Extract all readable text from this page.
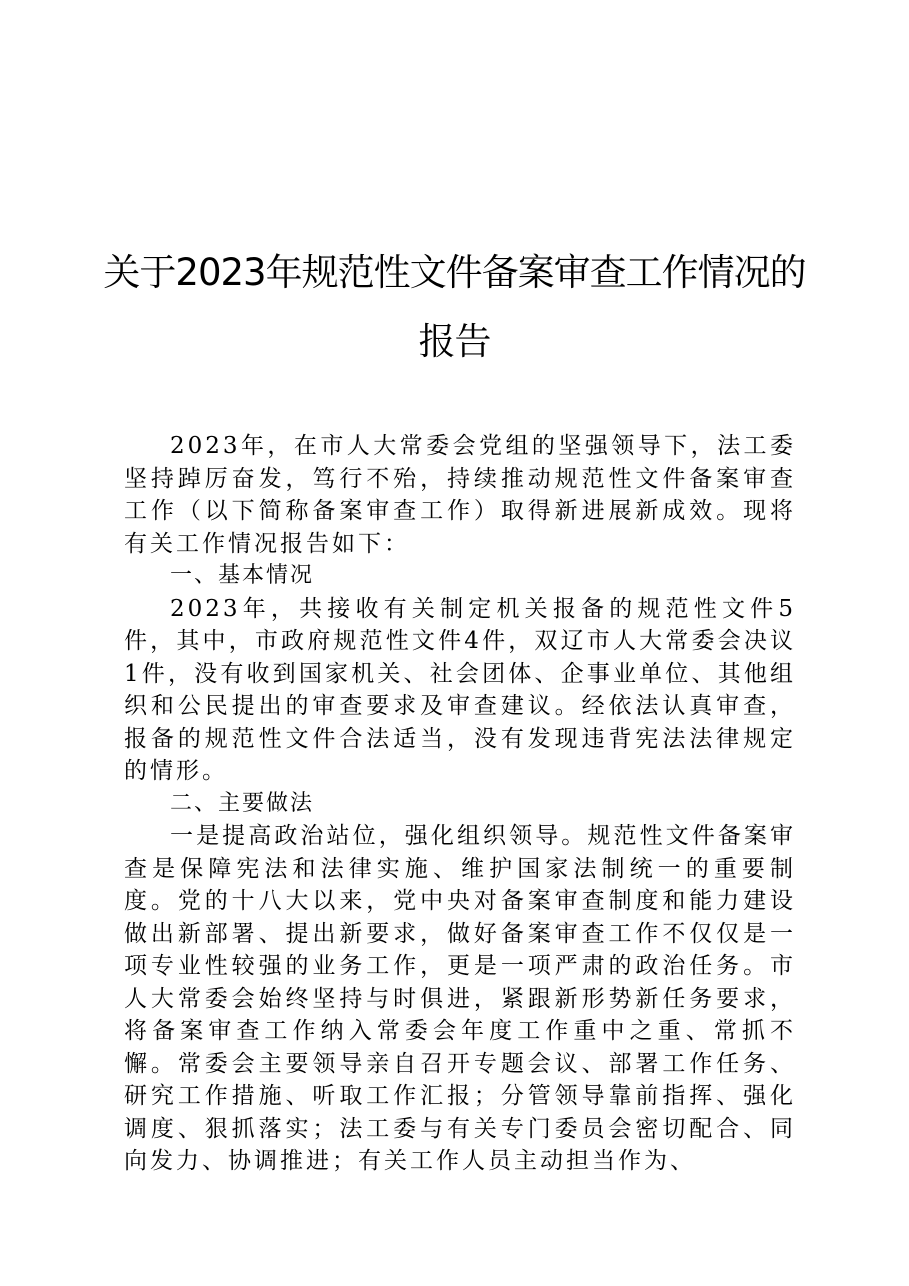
关于2023年规范性文件备案审查工作情况的
报告

2023年，在市人大常委会党组的坚强领导下，法工委坚持踔厉奋发，笃行不殆，持续推动规范性文件备案审查工作（以下简称备案审查工作）取得新进展新成效。现将有关工作情况报告如下：

一、基本情况

2023年，共接收有关制定机关报备的规范性文件5件，其中，市政府规范性文件4件，双辽市人大常委会决议1件，没有收到国家机关、社会团体、企事业单位、其他组织和公民提出的审查要求及审查建议。经依法认真审查，报备的规范性文件合法适当，没有发现违背宪法法律规定的情形。

二、主要做法

一是提高政治站位，强化组织领导。规范性文件备案审查是保障宪法和法律实施、维护国家法制统一的重要制度。党的十八大以来，党中央对备案审查制度和能力建设做出新部署、提出新要求，做好备案审查工作不仅仅是一项专业性较强的业务工作，更是一项严肃的政治任务。市人大常委会始终坚持与时俱进，紧跟新形势新任务要求，将备案审查工作纳入常委会年度工作重中之重、常抓不懈。常委会主要领导亲自召开专题会议、部署工作任务、研究工作措施、听取工作汇报；分管领导靠前指挥、强化调度、狠抓落实；法工委与有关专门委员会密切配合、同向发力、协调推进；有关工作人员主动担当作为、
